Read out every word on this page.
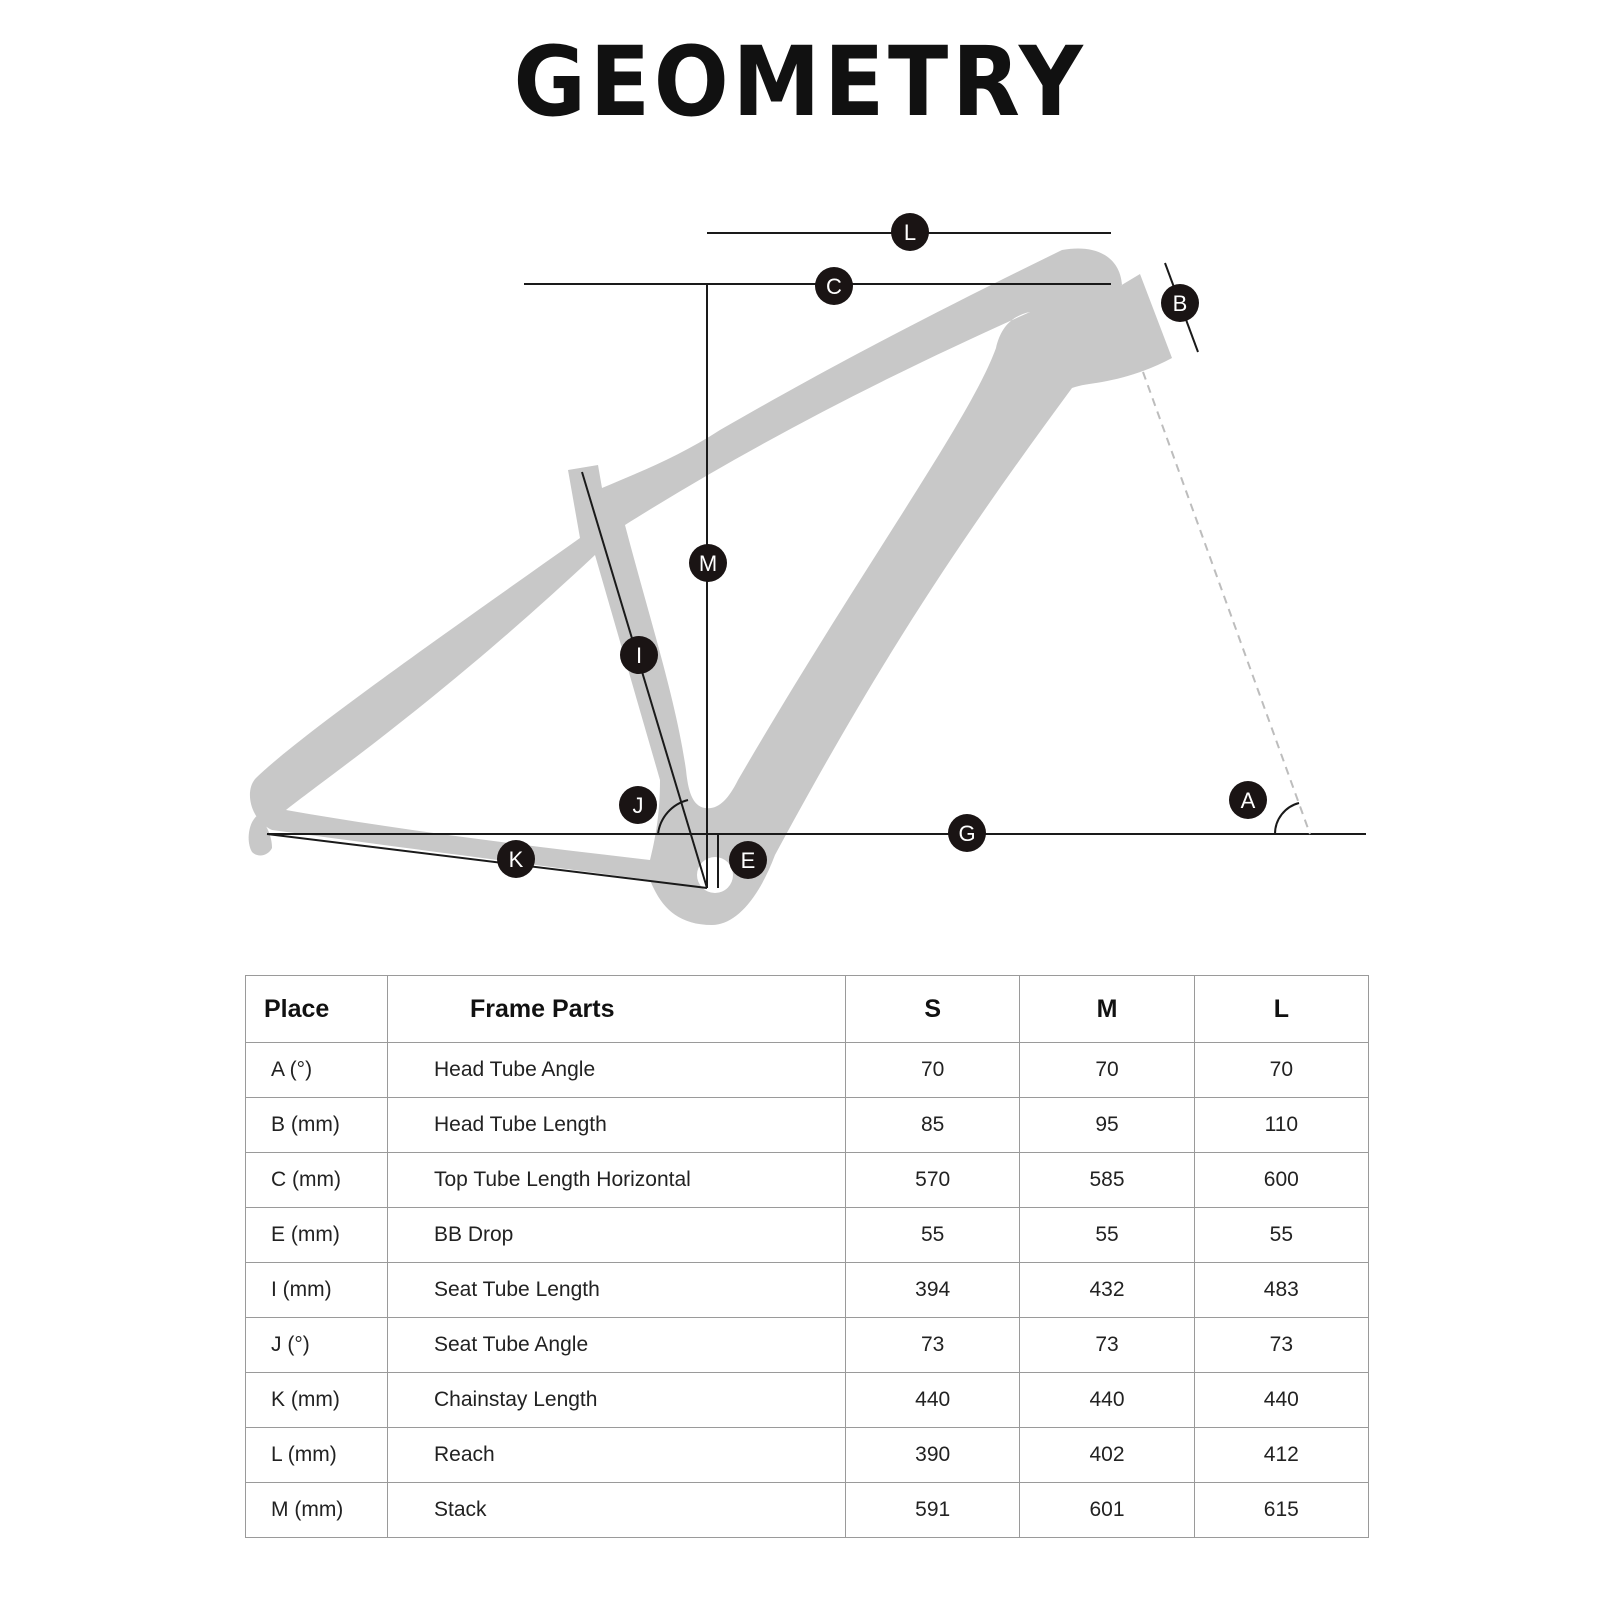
GEOMETRY
L
C
B
M
I
J	A
G
K	E
Place	Frame Parts	S	M	L
A (°)	Head Tube Angle	70	70	70
B (mm)	Head Tube Length	85	95	110
C (mm)	Top Tube Length Horizontal	570	585	600
E (mm)	BB Drop	55	55	55
I (mm)	Seat Tube Length	394	432	483
J (°)	Seat Tube Angle	73	73	73
K (mm)	Chainstay Length	440	440	440
L (mm)	Reach	390	402	412
M (mm)	Stack	591	601	615
